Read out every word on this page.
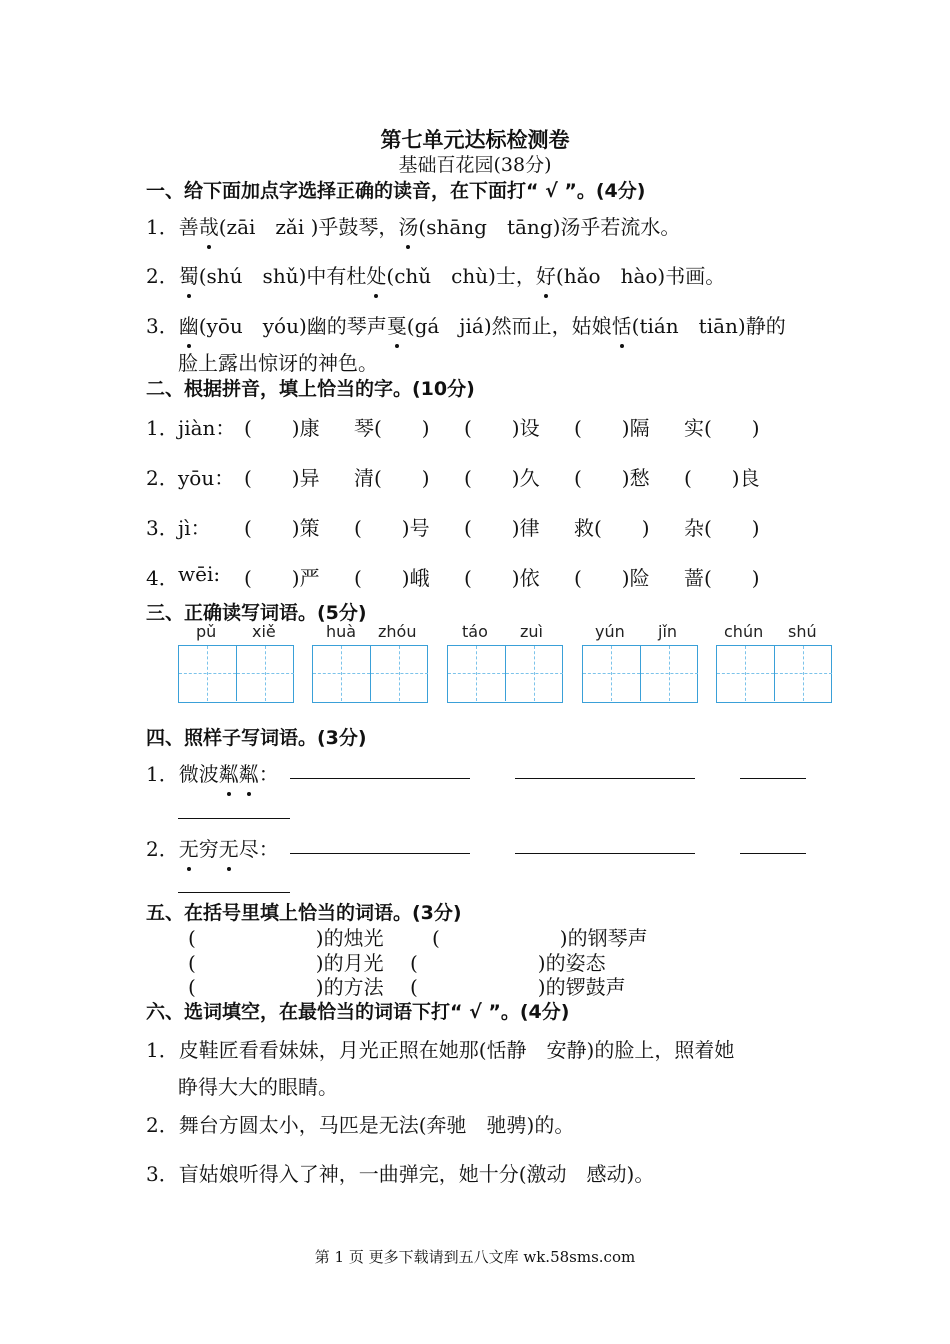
第七单元达标检测卷
基础百花园(38分)
一、给下面加点字选择正确的读音，在下面打“ √ ”。(4分)
1．善哉(zāi　zǎi )乎鼓琴，汤(shāng　tāng)汤乎若流水。
2．蜀(shú　shǔ)中有杜处(chǔ　chù)士，好(hǎo　hào)书画。
3．幽(yōu　yóu)幽的琴声戛(gá　jiá)然而止，姑娘恬(tián　tiān)静的
脸上露出惊讶的神色。
二、根据拼音，填上恰当的字。(10分)
1． jiàn： (　　)康 琴(　　) (　　)设 (　　)隔 实(　　)
2． yōu： (　　)异 清(　　) (　　)久 (　　)愁 (　　)良
3． jì： (　　)策 (　　)号 (　　)律 救(　　) 杂(　　)
4． wēi: (　　)严 (　　)峨 (　　)依 (　　)险 蔷(　　)
三、正确读写词语。(5分)
pǔ xiě	huà zhóu	táo zuì	yún jǐn	chún shú
四、照样子写词语。(3分)
1．微波粼粼：
2．无穷无尽：
五、在括号里填上恰当的词语。(3分)
(　　　　　　)的烛光 (　　　　　　)的钢琴声
(　　　　　　)的月光 (　　　　　　)的姿态
(　　　　　　)的方法 (　　　　　　)的锣鼓声
六、选词填空，在最恰当的词语下打“ √ ”。(4分)
1．皮鞋匠看看妹妹，月光正照在她那(恬静　安静)的脸上，照着她
睁得大大的眼睛。
2．舞台方圆太小，马匹是无法(奔驰　驰骋)的。
3．盲姑娘听得入了神，一曲弹完，她十分(激动　感动)。
第 1 页 更多下载请到五八文库 wk.58sms.com
